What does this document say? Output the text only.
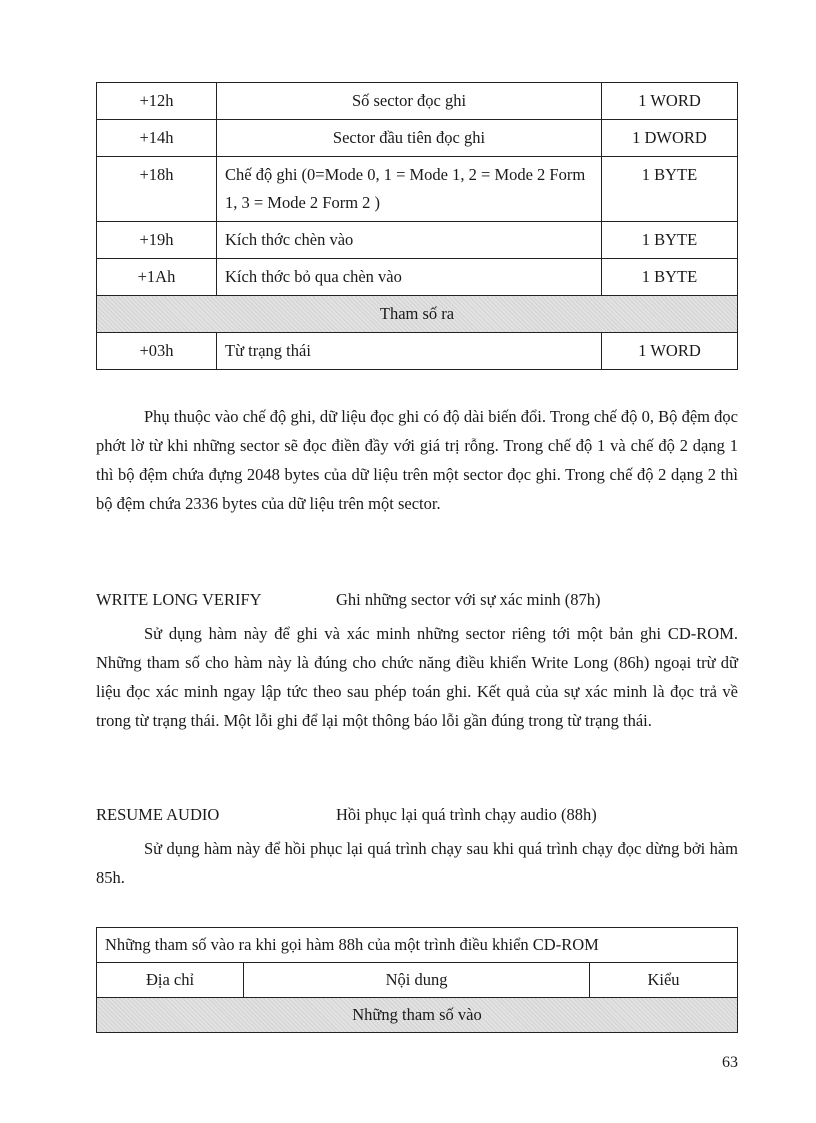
+12h	Số sector đọc ghi	1 WORD
+14h	Sector đầu tiên đọc ghi	1 DWORD
+18h	Chế độ ghi (0=Mode 0, 1 = Mode 1, 2 = Mode 2 Form 1, 3 = Mode 2 Form 2 )	1 BYTE
+19h	Kích thớc chèn vào	1 BYTE
+1Ah	Kích thớc bỏ qua chèn vào	1 BYTE
Tham số ra		
+03h	Từ trạng thái	1 WORD

Phụ thuộc vào chế độ ghi, dữ liệu đọc ghi có độ dài biến đổi. Trong chế độ 0, Bộ đệm đọc phớt lờ từ khi những sector sẽ đọc điền đầy với giá trị rỗng. Trong chế độ 1 và chế độ 2 dạng 1 thì bộ đệm chứa đựng 2048 bytes của dữ liệu trên một sector đọc ghi. Trong chế độ 2 dạng 2 thì bộ đệm chứa 2336 bytes của dữ liệu trên một sector.

WRITE LONG VERIFY	Ghi những sector với sự xác minh (87h)

Sử dụng hàm này để ghi và xác minh những sector riêng tới một bản ghi CD-ROM. Những tham số cho hàm này là đúng cho chức năng điều khiển Write Long (86h) ngoại trừ dữ liệu đọc xác minh ngay lập tức theo sau phép toán ghi. Kết quả của sự xác minh là đọc trả về trong từ trạng thái. Một lỗi ghi để lại một thông báo lỗi gần đúng trong từ trạng thái.

RESUME AUDIO	Hồi phục lại quá trình chạy audio (88h)

Sử dụng hàm này để hồi phục lại quá trình chạy sau khi quá trình chạy đọc dừng bởi hàm 85h.

Những tham số vào ra khi gọi hàm 88h của một trình điều khiển CD-ROM
Địa chỉ	Nội dung	Kiểu
Những tham số vào
63
